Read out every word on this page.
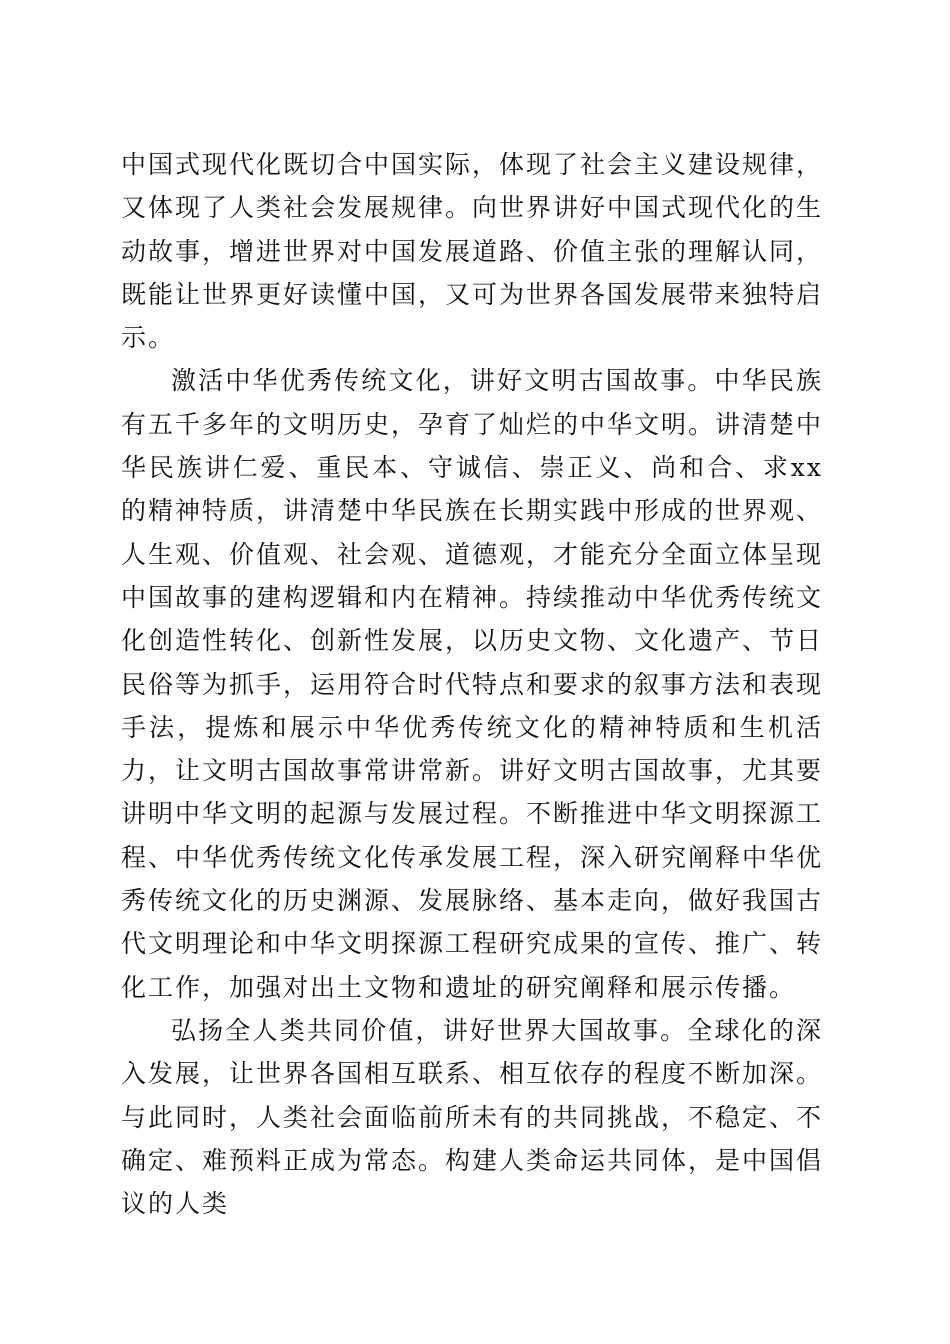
中国式现代化既切合中国实际，体现了社会主义建设规律，又体现了人类社会发展规律。向世界讲好中国式现代化的生动故事，增进世界对中国发展道路、价值主张的理解认同，既能让世界更好读懂中国，又可为世界各国发展带来独特启示。

激活中华优秀传统文化，讲好文明古国故事。中华民族有五千多年的文明历史，孕育了灿烂的中华文明。讲清楚中华民族讲仁爱、重民本、守诚信、崇正义、尚和合、求xx的精神特质，讲清楚中华民族在长期实践中形成的世界观、人生观、价值观、社会观、道德观，才能充分全面立体呈现中国故事的建构逻辑和内在精神。持续推动中华优秀传统文化创造性转化、创新性发展，以历史文物、文化遗产、节日民俗等为抓手，运用符合时代特点和要求的叙事方法和表现手法，提炼和展示中华优秀传统文化的精神特质和生机活力，让文明古国故事常讲常新。讲好文明古国故事，尤其要讲明中华文明的起源与发展过程。不断推进中华文明探源工程、中华优秀传统文化传承发展工程，深入研究阐释中华优秀传统文化的历史渊源、发展脉络、基本走向，做好我国古代文明理论和中华文明探源工程研究成果的宣传、推广、转化工作，加强对出土文物和遗址的研究阐释和展示传播。

弘扬全人类共同价值，讲好世界大国故事。全球化的深入发展，让世界各国相互联系、相互依存的程度不断加深。与此同时，人类社会面临前所未有的共同挑战，不稳定、不确定、难预料正成为常态。构建人类命运共同体，是中国倡议的人类
